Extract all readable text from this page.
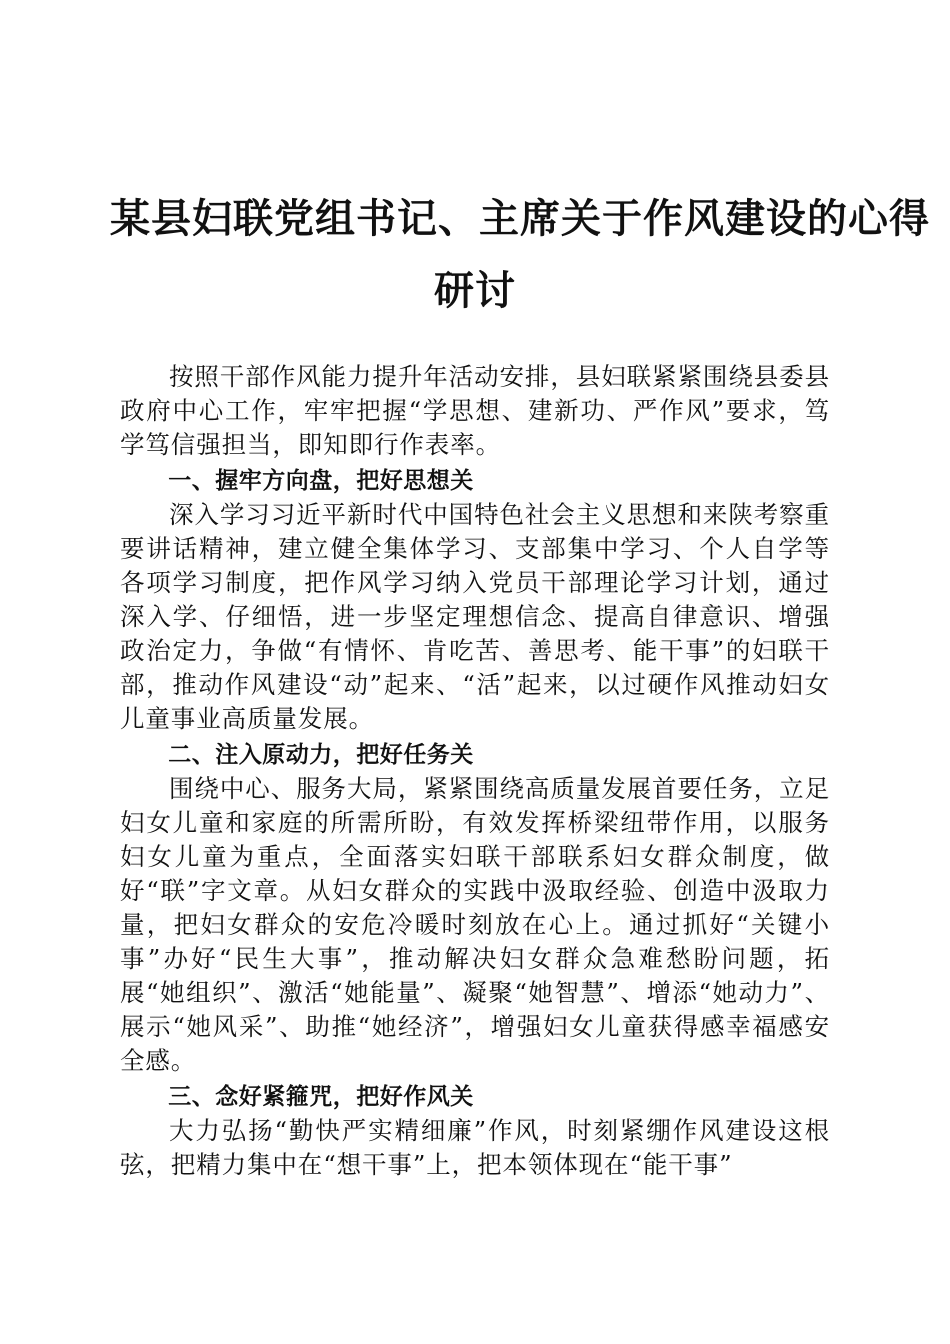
某县妇联党组书记、主席关于作风建设的心得
研讨

按照干部作风能力提升年活动安排，县妇联紧紧围绕县委县政府中心工作，牢牢把握“学思想、建新功、严作风”要求，笃学笃信强担当，即知即行作表率。

一、握牢方向盘，把好思想关

深入学习习近平新时代中国特色社会主义思想和来陕考察重要讲话精神，建立健全集体学习、支部集中学习、个人自学等各项学习制度，把作风学习纳入党员干部理论学习计划，通过深入学、仔细悟，进一步坚定理想信念、提高自律意识、增强政治定力，争做“有情怀、肯吃苦、善思考、能干事”的妇联干部，推动作风建设“动”起来、“活”起来，以过硬作风推动妇女儿童事业高质量发展。

二、注入原动力，把好任务关

围绕中心、服务大局，紧紧围绕高质量发展首要任务，立足妇女儿童和家庭的所需所盼，有效发挥桥梁纽带作用，以服务妇女儿童为重点，全面落实妇联干部联系妇女群众制度，做好“联”字文章。从妇女群众的实践中汲取经验、创造中汲取力量，把妇女群众的安危冷暖时刻放在心上。通过抓好“关键小事”办好“民生大事”，推动解决妇女群众急难愁盼问题，拓展“她组织”、激活“她能量”、凝聚“她智慧”、增添“她动力”、展示“她风采”、助推“她经济”，增强妇女儿童获得感幸福感安全感。

三、念好紧箍咒，把好作风关

大力弘扬“勤快严实精细廉”作风，时刻紧绷作风建设这根弦，把精力集中在“想干事”上，把本领体现在“能干事”
